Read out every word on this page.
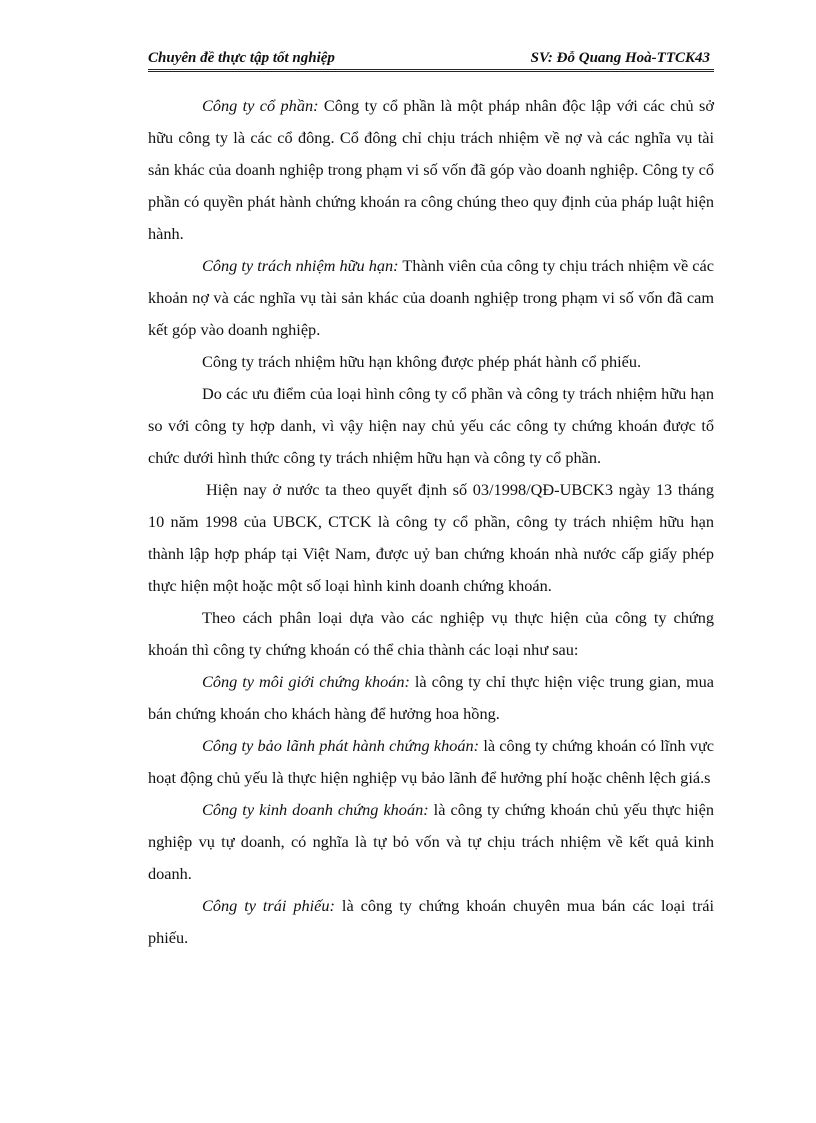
Chuyên đề thực tập tốt nghiệp	SV: Đỗ Quang Hoà-TTCK43

Công ty cổ phần: Công ty cổ phần là một pháp nhân độc lập với các chủ sở hữu công ty là các cổ đông. Cổ đông chỉ chịu trách nhiệm về nợ và các nghĩa vụ tài sản khác của doanh nghiệp trong phạm vi số vốn đã góp vào doanh nghiệp. Công ty cổ phần có quyền phát hành chứng khoán ra công chúng theo quy định của pháp luật hiện hành.

Công ty trách nhiệm hữu hạn: Thành viên của công ty chịu trách nhiệm về các khoản nợ và các nghĩa vụ tài sản khác của doanh nghiệp trong phạm vi số vốn đã cam kết góp vào doanh nghiệp.

Công ty trách nhiệm hữu hạn không được phép phát hành cổ phiếu.

Do các ưu điểm của loại hình công ty cổ phần và công ty trách nhiệm hữu hạn so với công ty hợp danh, vì vậy hiện nay chủ yếu các công ty chứng khoán được tổ chức dưới hình thức công ty trách nhiệm hữu hạn và công ty cổ phần.

Hiện nay ở nước ta theo quyết định số 03/1998/QĐ-UBCK3 ngày 13 tháng 10 năm 1998 của UBCK, CTCK là công ty cổ phần, công ty trách nhiệm hữu hạn thành lập hợp pháp tại Việt Nam, được uỷ ban chứng khoán nhà nước cấp giấy phép thực hiện một hoặc một số loại hình kinh doanh chứng khoán.

Theo cách phân loại dựa vào các nghiệp vụ thực hiện của công ty chứng khoán thì công ty chứng khoán có thể chia thành các loại như sau:

Công ty môi giới chứng khoán: là công ty chỉ thực hiện việc trung gian, mua bán chứng khoán cho khách hàng để hưởng hoa hồng.

Công ty bảo lãnh phát hành chứng khoán: là công ty chứng khoán có lĩnh vực hoạt động chủ yếu là thực hiện nghiệp vụ bảo lãnh để hưởng phí hoặc chênh lệch giá.s

Công ty kinh doanh chứng khoán: là công ty chứng khoán chủ yếu thực hiện nghiệp vụ tự doanh, có nghĩa là tự bỏ vốn và tự chịu trách nhiệm về kết quả kinh doanh.

Công ty trái phiếu: là công ty chứng khoán chuyên mua bán các loại trái phiếu.
